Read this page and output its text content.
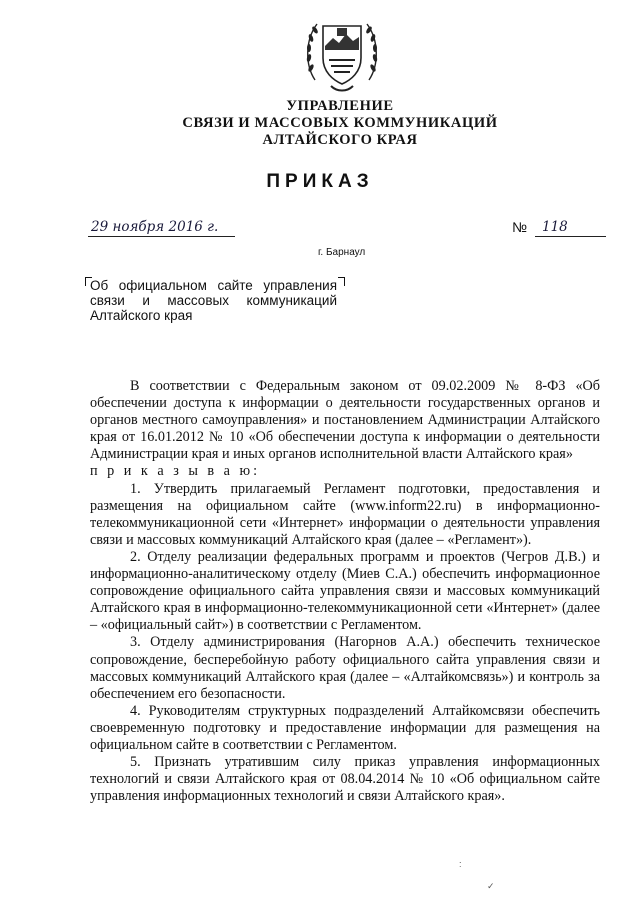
УПРАВЛЕНИЕ
СВЯЗИ И МАССОВЫХ КОММУНИКАЦИЙ
АЛТАЙСКОГО КРАЯ
ПРИКАЗ
29 ноября 2016 г.	№	118
г. Барнаул
Об официальном сайте управления связи и массовых коммуникаций Алтайского края

В соответствии с Федеральным законом от 09.02.2009 № 8-ФЗ «Об обеспечении доступа к информации о деятельности государственных органов и органов местного самоуправления» и постановлением Администрации Алтайского края от 16.01.2012 № 10 «Об обеспечении доступа к информации о деятельности Администрации края и иных органов исполнительной власти Алтайского края»

п р и к а з ы в а ю:

1. Утвердить прилагаемый Регламент подготовки, предоставления и размещения на официальном сайте (www.inform22.ru) в информационно-телекоммуникационной сети «Интернет» информации о деятельности управления связи и массовых коммуникаций Алтайского края (далее – «Регламент»).

2. Отделу реализации федеральных программ и проектов (Чегров Д.В.) и информационно-аналитическому отделу (Миев С.А.) обеспечить информационное сопровождение официального сайта управления связи и массовых коммуникаций Алтайского края в информационно-телекоммуникационной сети «Интернет» (далее – «официальный сайт») в соответствии с Регламентом.

3. Отделу администрирования (Нагорнов А.А.) обеспечить техническое сопровождение, бесперебойную работу официального сайта управления связи и массовых коммуникаций Алтайского края (далее – «Алтайкомсвязь») и контроль за обеспечением его безопасности.

4. Руководителям структурных подразделений Алтайкомсвязи обеспечить своевременную подготовку и предоставление информации для размещения на официальном сайте в соответствии с Регламентом.

5. Признать утратившим силу приказ управления информационных технологий и связи Алтайского края от 08.04.2014 № 10 «Об официальном сайте управления информационных технологий и связи Алтайского края».

:
✓
